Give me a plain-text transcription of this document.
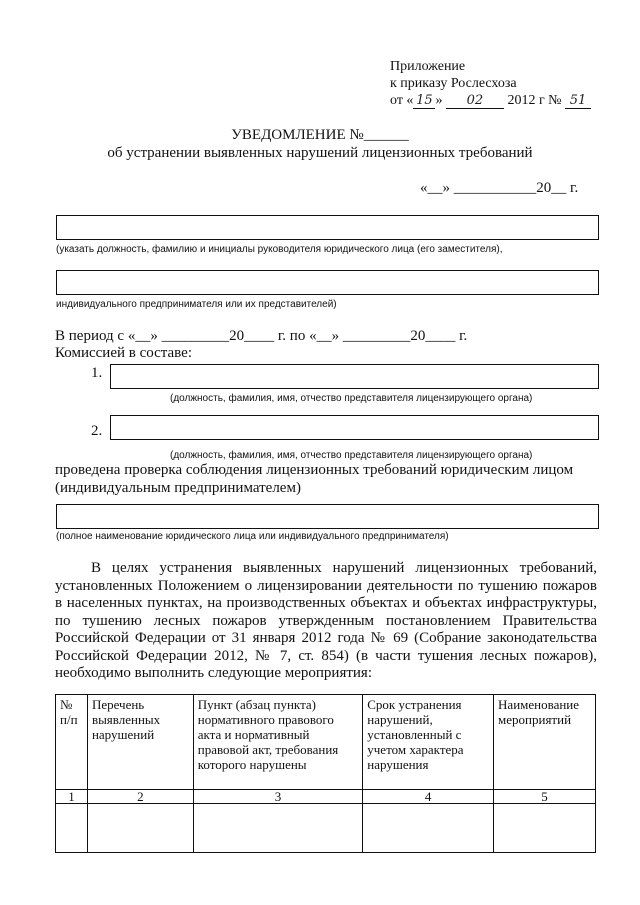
Приложение
к приказу Рослесхоза
от « 15 » 02 2012 г № 51
УВЕДОМЛЕНИЕ №______
об устранении выявленных нарушений лицензионных требований
«__» ___________20__ г.
(указать должность, фамилию и инициалы руководителя юридического лица (его заместителя),
индивидуального предпринимателя или их представителей)
В период с «__» _________20____ г. по «__» _________20____ г.
Комиссией в составе:
1.
(должность, фамилия, имя, отчество представителя лицензирующего органа)
2.
(должность, фамилия, имя, отчество представителя лицензирующего органа)
проведена проверка соблюдения лицензионных требований юридическим лицом
(индивидуальным предпринимателем)
(полное наименование юридического лица или индивидуального предпринимателя)
В целях устранения выявленных нарушений лицензионных требований, установленных Положением о лицензировании деятельности по тушению пожаров в населенных пунктах, на производственных объектах и объектах инфраструктуры, по тушению лесных пожаров утвержденным постановлением Правительства Российской Федерации от 31 января 2012 года № 69 (Собрание законодательства Российской Федерации 2012, № 7, ст. 854) (в части тушения лесных пожаров), необходимо выполнить следующие мероприятия:
№ п/п	Перечень выявленных нарушений	Пункт (абзац пункта) нормативного правового акта и нормативный правовой акт, требования которого нарушены	Срок устранения нарушений, установленный с учетом характера нарушения	Наименование мероприятий
1	2	3	4	5
